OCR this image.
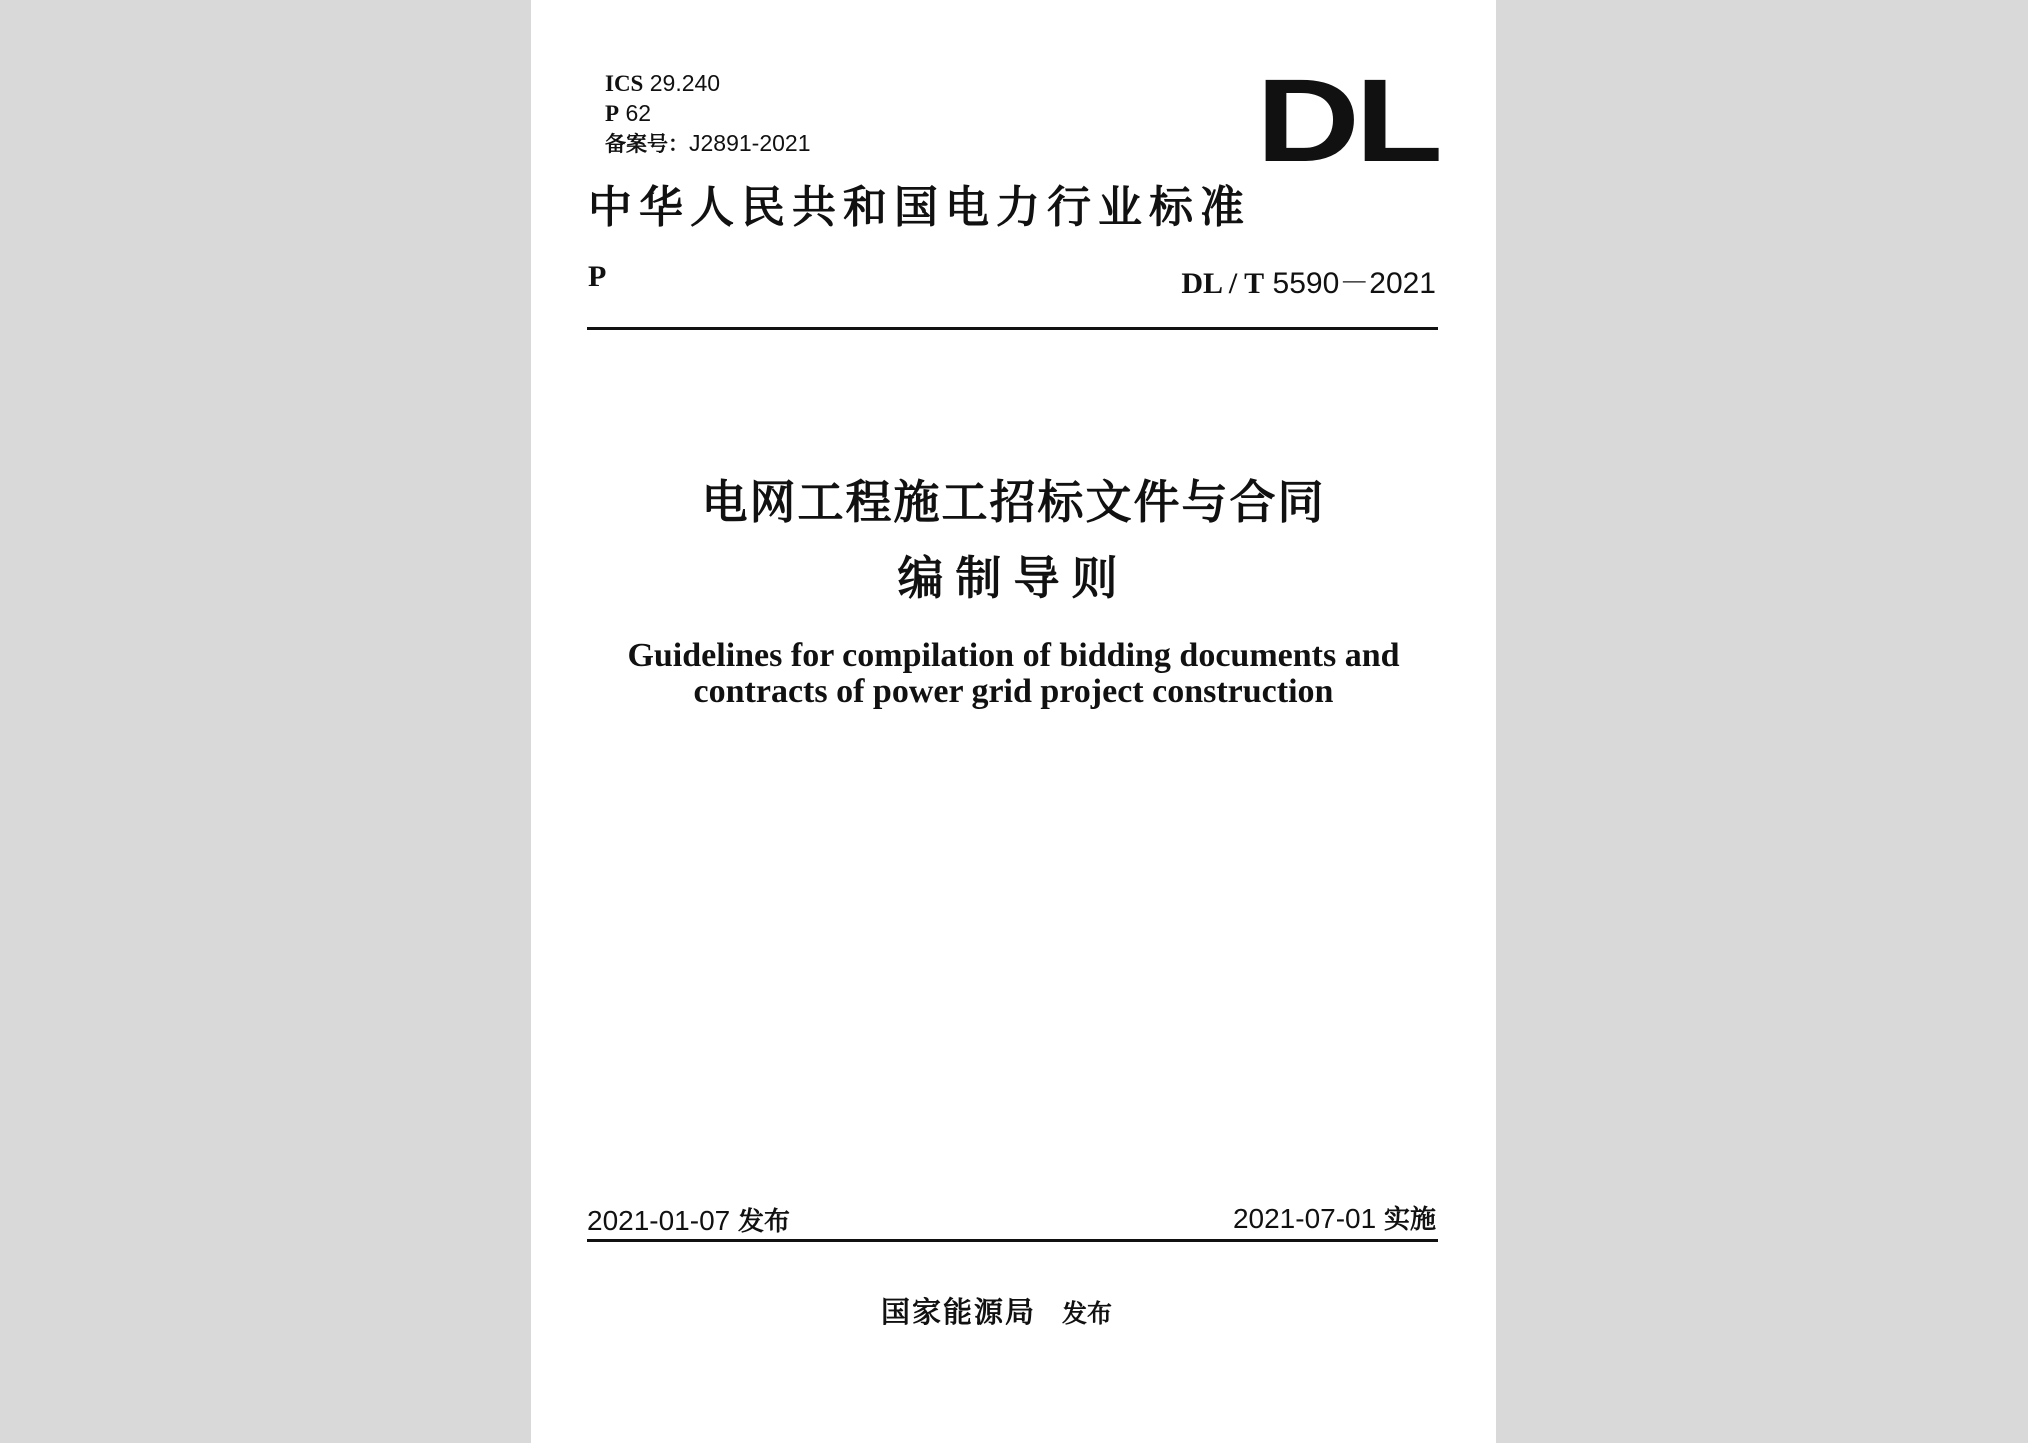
ICS 29.240
P 62
备案号：J2891-2021	DL
中华人民共和国电力行业标准
P	DL / T 5590－2021
电网工程施工招标文件与合同
编制导则
Guidelines for compilation of bidding documents and
contracts of power grid project construction
2021-01-07 发布	2021-07-01 实施
国家能源局 发布
